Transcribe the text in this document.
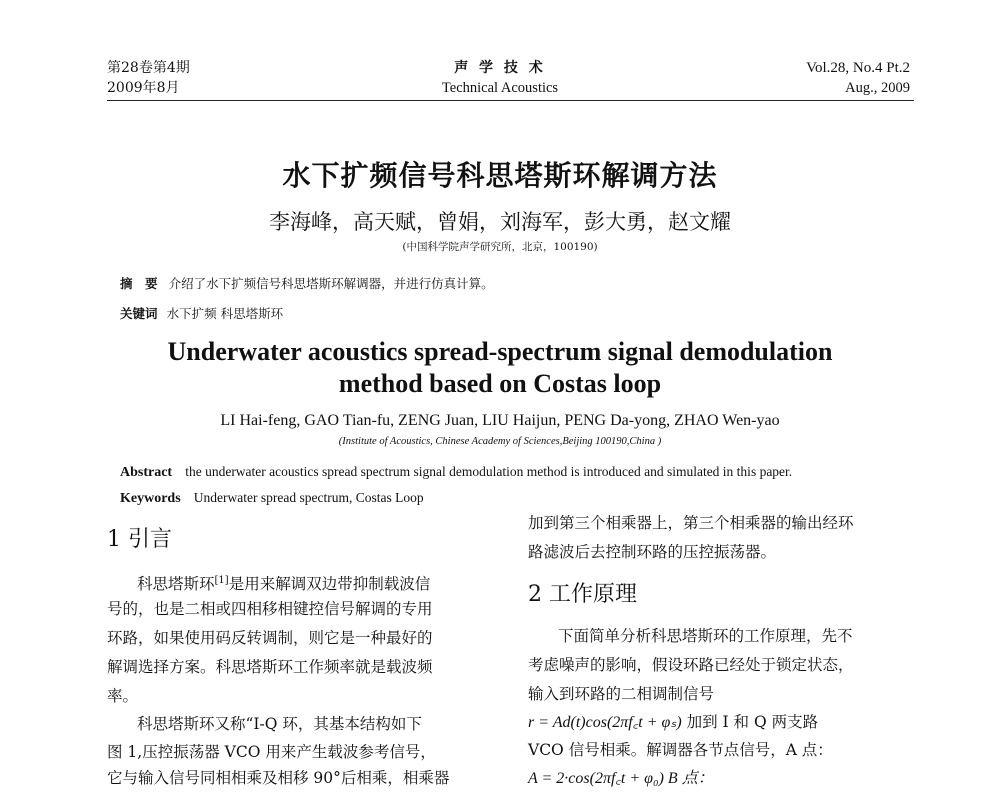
第28卷第4期
2009年8月
声 学 技 术
Technical Acoustics
Vol.28, No.4 Pt.2
Aug., 2009
水下扩频信号科思塔斯环解调方法
李海峰，高天赋，曾娟，刘海军，彭大勇，赵文耀
(中国科学院声学研究所，北京，100190)
摘　要 介绍了水下扩频信号科思塔斯环解调器，并进行仿真计算。
关键词 水下扩频 科思塔斯环
Underwater acoustics spread-spectrum signal demodulation
method based on Costas loop
LI Hai-feng, GAO Tian-fu, ZENG Juan, LIU Haijun, PENG Da-yong, ZHAO Wen-yao
(Institute of Acoustics, Chinese Academy of Sciences,Beijing 100190,China )
Abstract the underwater acoustics spread spectrum signal demodulation method is introduced and simulated in this paper.
Keywords Underwater spread spectrum, Costas Loop
1 引言
科思塔斯环[1]是用来解调双边带抑制载波信
号的，也是二相或四相移相键控信号解调的专用
环路，如果使用码反转调制，则它是一种最好的
解调选择方案。科思塔斯环工作频率就是载波频
率。
科思塔斯环又称“I-Q 环，其基本结构如下
图 1,压控振荡器 VCO 用来产生载波参考信号，
它与输入信号同相相乘及相移 90°后相乘，相乘器
加到第三个相乘器上，第三个相乘器的输出经环
路滤波后去控制环路的压控振荡器。
2 工作原理
下面简单分析科思塔斯环的工作原理，先不
考虑噪声的影响，假设环路已经处于锁定状态，
输入到环路的二相调制信号
r = Ad(t)cos(2πf꜀t + φₛ) 加到 I 和 Q 两支路
VCO 信号相乘。解调器各节点信号，A 点：
A = 2·cos(2πf꜀t + φ₀) B 点：
